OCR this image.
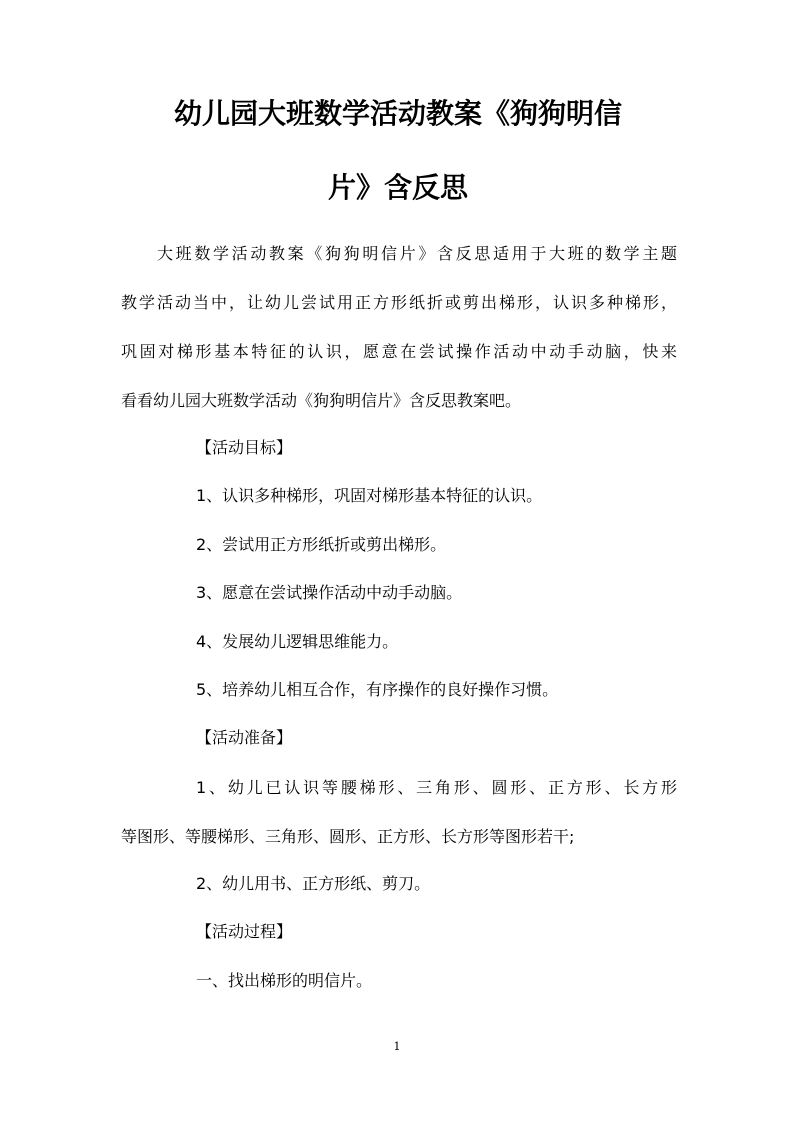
幼儿园大班数学活动教案《狗狗明信
片》含反思
大班数学活动教案《狗狗明信片》含反思适用于大班的数学主题
教学活动当中，让幼儿尝试用正方形纸折或剪出梯形，认识多种梯形，
巩固对梯形基本特征的认识，愿意在尝试操作活动中动手动脑，快来
看看幼儿园大班数学活动《狗狗明信片》含反思教案吧。

【活动目标】

1、认识多种梯形，巩固对梯形基本特征的认识。

2、尝试用正方形纸折或剪出梯形。

3、愿意在尝试操作活动中动手动脑。

4、发展幼儿逻辑思维能力。

5、培养幼儿相互合作，有序操作的良好操作习惯。

【活动准备】

1、幼儿已认识等腰梯形、三角形、圆形、正方形、长方形
等图形、等腰梯形、三角形、圆形、正方形、长方形等图形若干;

2、幼儿用书、正方形纸、剪刀。

【活动过程】

一、找出梯形的明信片。

1
